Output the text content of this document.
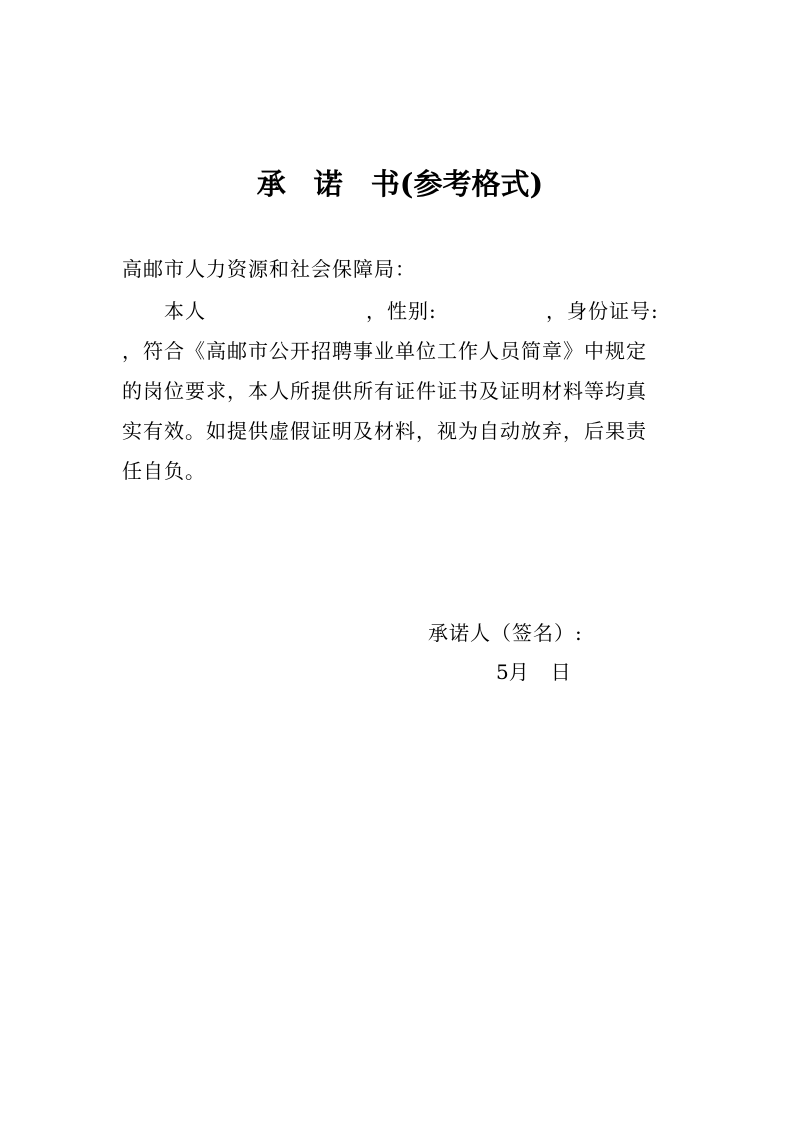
承 诺 书(参考格式)
高邮市人力资源和社会保障局：
本人	，性别:	，身份证号:
，符合《高邮市公开招聘事业单位工作人员简章》中规定
的岗位要求，本人所提供所有证件证书及证明材料等均真
实有效。如提供虚假证明及材料，视为自动放弃，后果责
任自负。
承诺人（签名）:
5月 日
